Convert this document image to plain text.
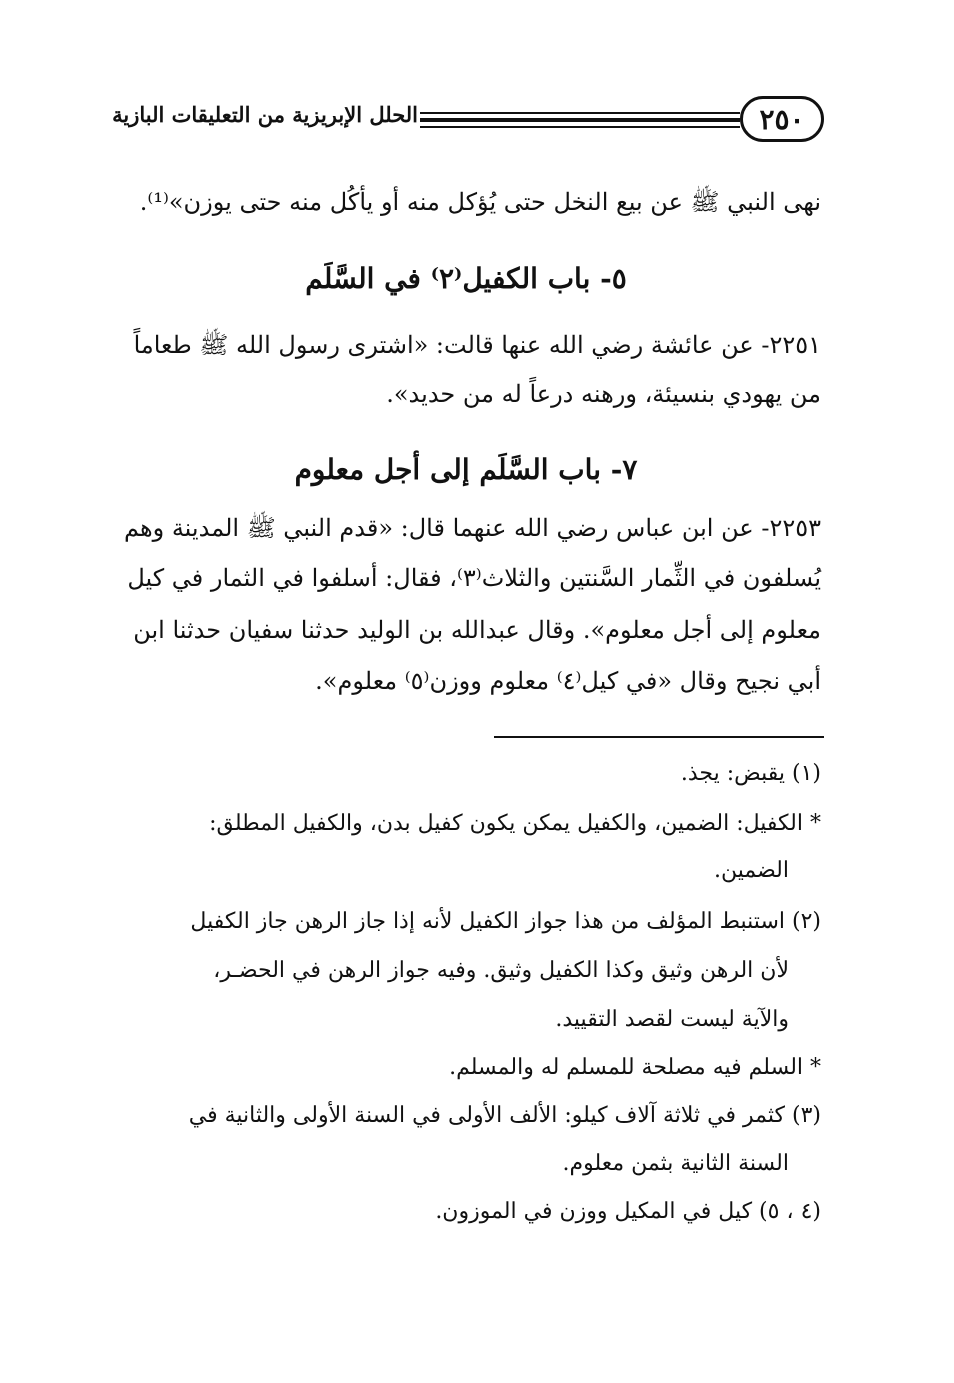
٢٥٠
الحلل الإبريزية من التعليقات البازية
نهى النبي ﷺ عن بيع النخل حتى يُؤكل منه أو يأكُل منه حتى يوزن»⁽¹⁾.
٥- باب الكفيل⁽٢⁾ في السَّلَم
٢٢٥١- عن عائشة رضي الله عنها قالت: «اشترى رسول الله ﷺ طعاماً
من يهودي بنسيئة، ورهنه درعاً له من حديد».
٧- باب السَّلَم إلى أجل معلوم
٢٢٥٣- عن ابن عباس رضي الله عنهما قال: «قدم النبي ﷺ المدينة وهم
يُسلفون في الثِّمار السَّنتين والثلاث⁽٣⁾، فقال: أسلفوا في الثمار في كيل
معلوم إلى أجل معلوم». وقال عبدالله بن الوليد حدثنا سفيان حدثنا ابن
أبي نجيح وقال «في كيل⁽٤⁾ معلوم ووزن⁽٥⁾ معلوم».
(١) يقبض: يجذ.
* الكفيل: الضمين، والكفيل يمكن يكون كفيل بدن، والكفيل المطلق:
الضمين.
(٢) استنبط المؤلف من هذا جواز الكفيل لأنه إذا جاز الرهن جاز الكفيل
لأن الرهن وثيق وكذا الكفيل وثيق. وفيه جواز الرهن في الحضـر،
والآية ليست لقصد التقييد.
* السلم فيه مصلحة للمسلم له والمسلم.
(٣) كثمر في ثلاثة آلاف كيلو: الألف الأولى في السنة الأولى والثانية في
السنة الثانية بثمن معلوم.
(٤ ، ٥) كيل في المكيل ووزن في الموزون.
